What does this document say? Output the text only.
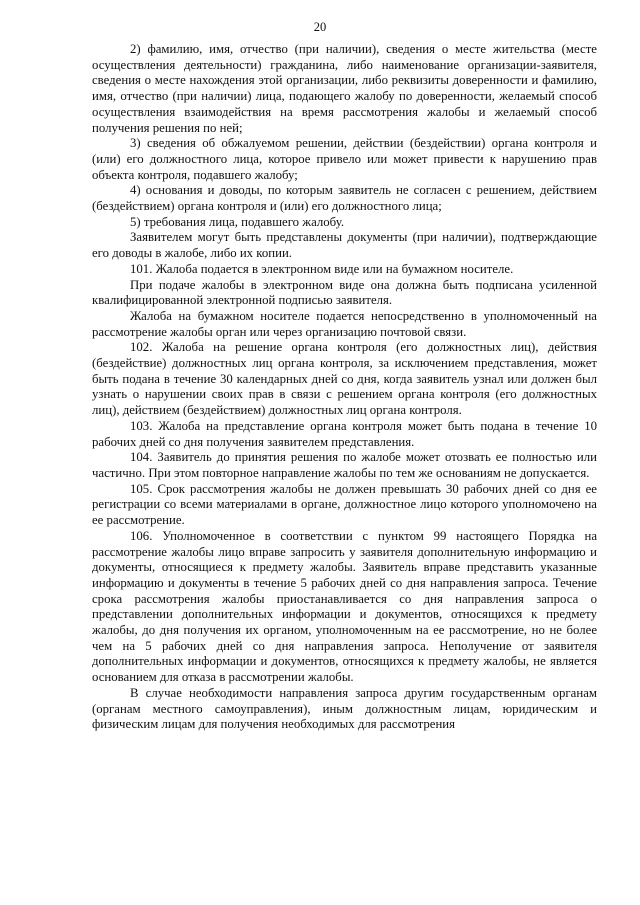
20

2) фамилию, имя, отчество (при наличии), сведения о месте жительства (месте осуществления деятельности) гражданина, либо наименование организации-заявителя, сведения о месте нахождения этой организации, либо реквизиты доверенности и фамилию, имя, отчество (при наличии) лица, подающего жалобу по доверенности, желаемый способ осуществления взаимодействия на время рассмотрения жалобы и желаемый способ получения решения по ней;

3) сведения об обжалуемом решении, действии (бездействии) органа контроля и (или) его должностного лица, которое привело или может привести к нарушению прав объекта контроля, подавшего жалобу;

4) основания и доводы, по которым заявитель не согласен с решением, действием (бездействием) органа контроля и (или) его должностного лица;

5) требования лица, подавшего жалобу.

Заявителем могут быть представлены документы (при наличии), подтверждающие его доводы в жалобе, либо их копии.

101. Жалоба подается в электронном виде или на бумажном носителе.

При подаче жалобы в электронном виде она должна быть подписана усиленной квалифицированной электронной подписью заявителя.

Жалоба на бумажном носителе подается непосредственно в уполномоченный на рассмотрение жалобы орган или через организацию почтовой связи.

102. Жалоба на решение органа контроля (его должностных лиц), действия (бездействие) должностных лиц органа контроля, за исключением представления, может быть подана в течение 30 календарных дней со дня, когда заявитель узнал или должен был узнать о нарушении своих прав в связи с решением органа контроля (его должностных лиц), действием (бездействием) должностных лиц органа контроля.

103. Жалоба на представление органа контроля может быть подана в течение 10 рабочих дней со дня получения заявителем представления.

104. Заявитель до принятия решения по жалобе может отозвать ее полностью или частично. При этом повторное направление жалобы по тем же основаниям не допускается.

105. Срок рассмотрения жалобы не должен превышать 30 рабочих дней со дня ее регистрации со всеми материалами в органе, должностное лицо которого уполномочено на ее рассмотрение.

106. Уполномоченное в соответствии с пунктом 99 настоящего Порядка на рассмотрение жалобы лицо вправе запросить у заявителя дополнительную информацию и документы, относящиеся к предмету жалобы. Заявитель вправе представить указанные информацию и документы в течение 5 рабочих дней со дня направления запроса. Течение срока рассмотрения жалобы приостанавливается со дня направления запроса о представлении дополнительных информации и документов, относящихся к предмету жалобы, до дня получения их органом, уполномоченным на ее рассмотрение, но не более чем на 5 рабочих дней со дня направления запроса. Неполучение от заявителя дополнительных информации и документов, относящихся к предмету жалобы, не является основанием для отказа в рассмотрении жалобы.

В случае необходимости направления запроса другим государственным органам (органам местного самоуправления), иным должностным лицам, юридическим и физическим лицам для получения необходимых для рассмотрения
